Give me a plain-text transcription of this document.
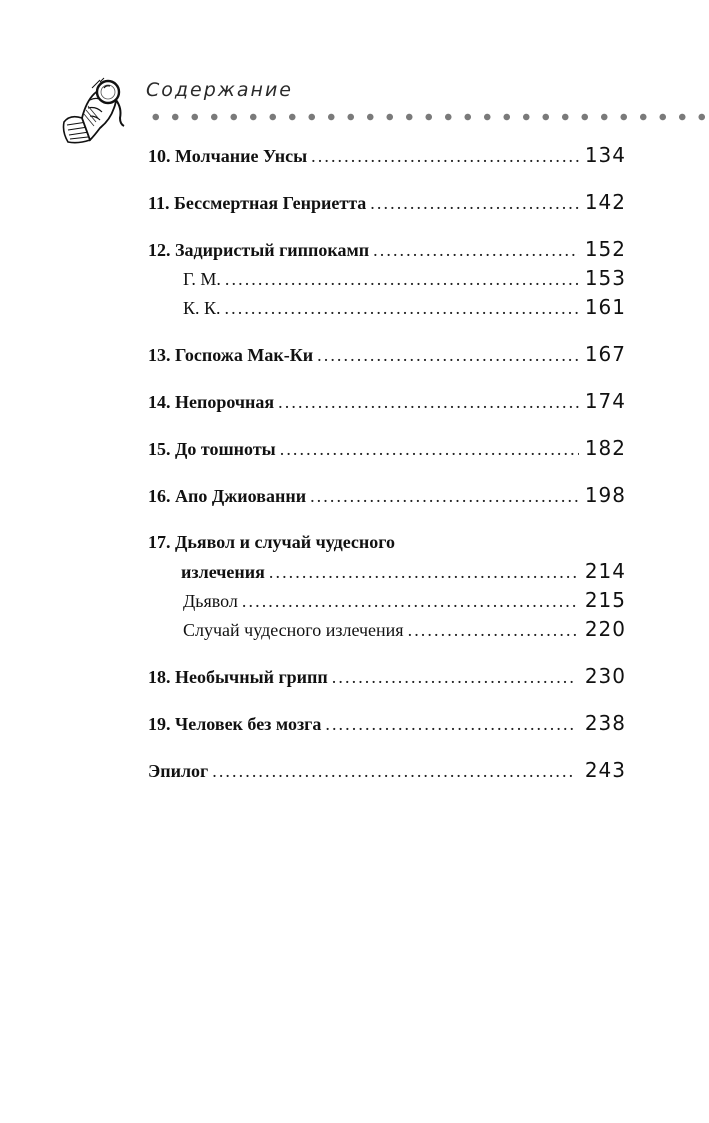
Содержание
10. Молчание Унсы . . .	134
11. Бессмертная Генриетта . . .	142
12. Задиристый гиппокамп . . .	152
Г. М. . . .	153
К. К. . . .	161
13. Госпожа Мак-Ки . . .	167
14. Непорочная . . .	174
15. До тошноты . . .	182
16. Апо Джиованни . . .	198
17. Дьявол и случай чудесного
излечения . . .	214
Дьявол . . .	215
Случай чудесного излечения . . .	220
18. Необычный грипп . . .	230
19. Человек без мозга . . .	238
Эпилог . . .	243
